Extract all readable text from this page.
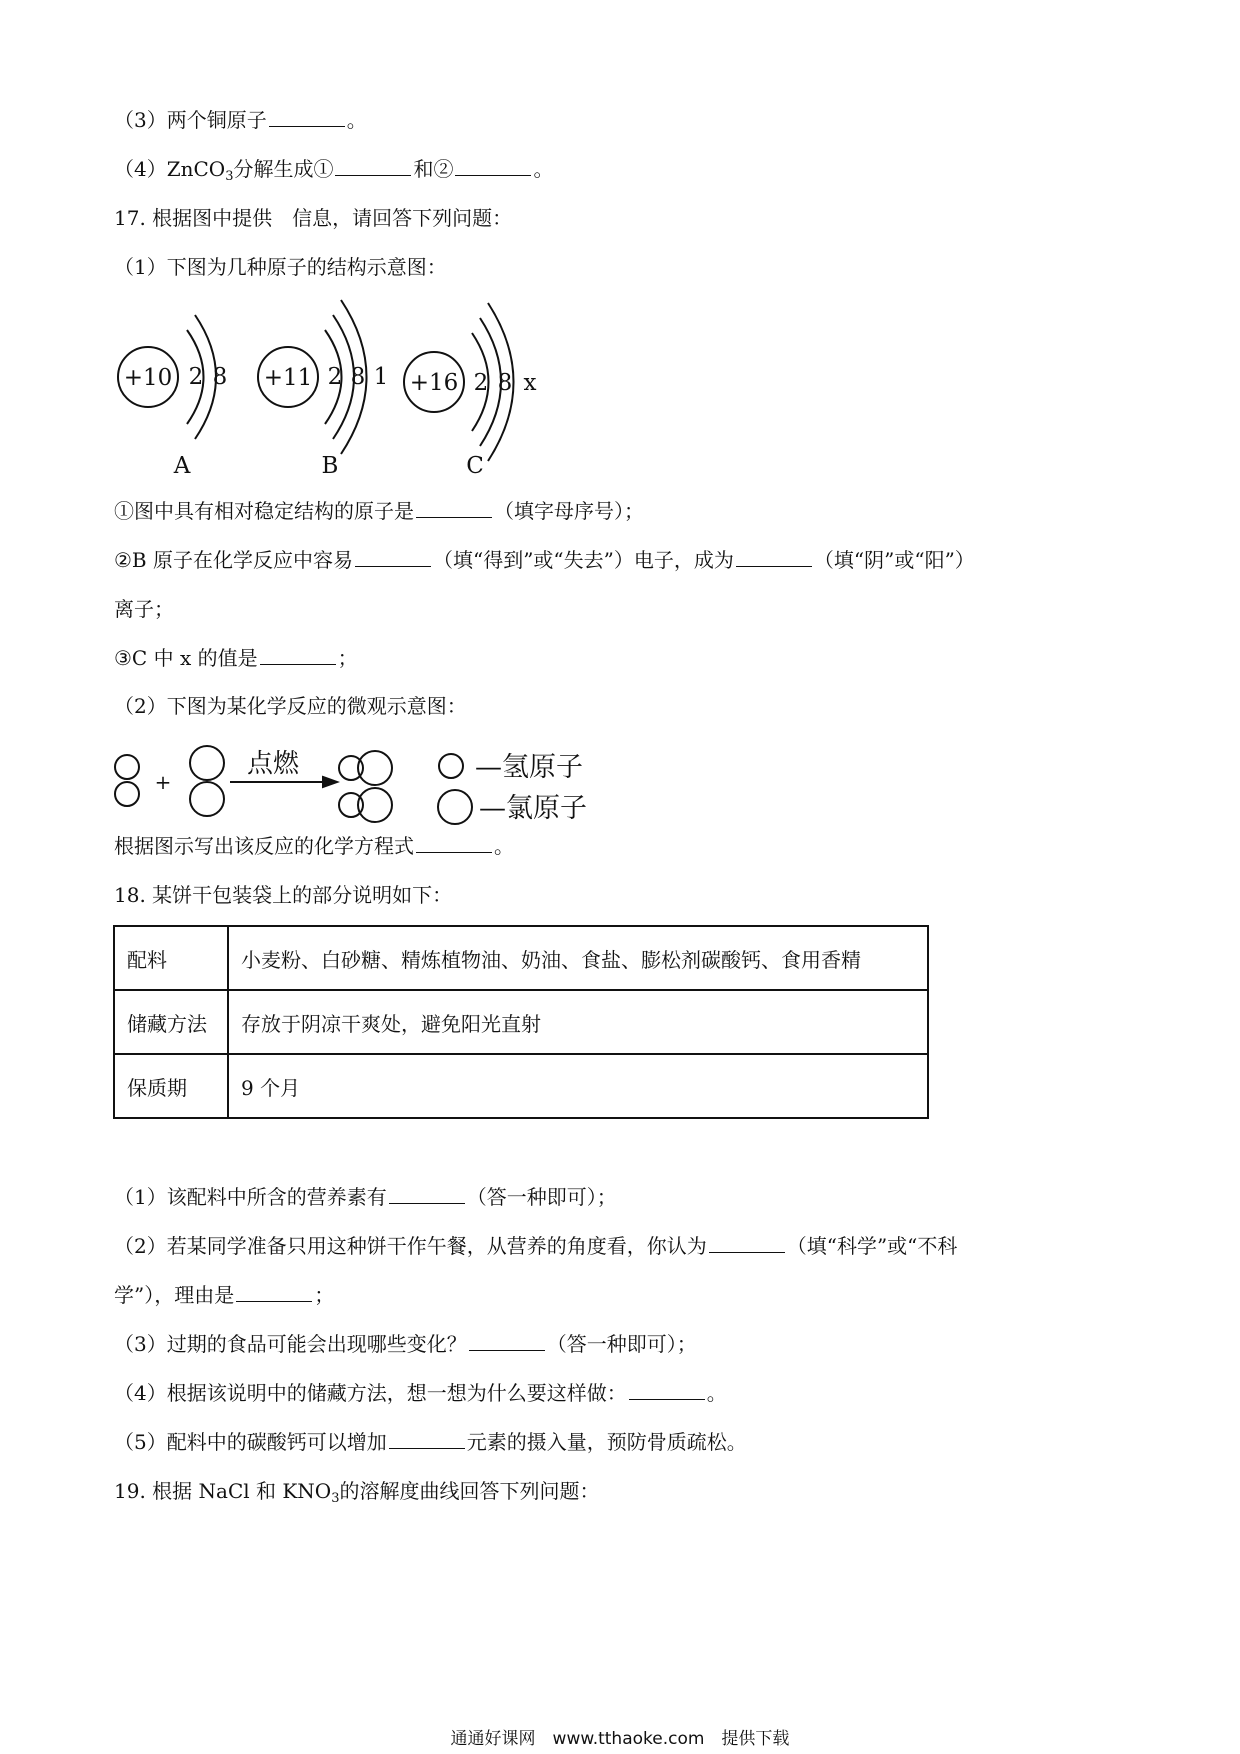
（3）两个铜原子	。
（4）ZnCO$_3$分解生成①	和②	。
17. 根据图中提供　信息，请回答下列问题：
（1）下图为几种原子的结构示意图：
+10 2 8
A
+11 2 8 1
B
+16 2 8 x
C
①图中具有相对稳定结构的原子是	（填字母序号）；
②B 原子在化学反应中容易	（填“得到”或“失去”）电子，成为	（填“阴”或“阳”）
离子；
③C 中 x 的值是	；
（2）下图为某化学反应的微观示意图：
+
点燃	—氢原子
—氯原子
根据图示写出该反应的化学方程式	。
18. 某饼干包装袋上的部分说明如下：
配料	小麦粉、白砂糖、精炼植物油、奶油、食盐、膨松剂碳酸钙、食用香精
储藏方法	存放于阴凉干爽处，避免阳光直射
保质期	9 个月
（1）该配料中所含的营养素有	（答一种即可）；
（2）若某同学准备只用这种饼干作午餐，从营养的角度看，你认为	（填“科学”或“不科
学”），理由是	；
（3）过期的食品可能会出现哪些变化？	（答一种即可）；
（4）根据该说明中的储藏方法，想一想为什么要这样做：	。
（5）配料中的碳酸钙可以增加	元素的摄入量，预防骨质疏松。
19. 根据 NaCl 和 $KNO_3$的溶解度曲线回答下列问题：
通通好课网　www.tthaoke.com　提供下载
